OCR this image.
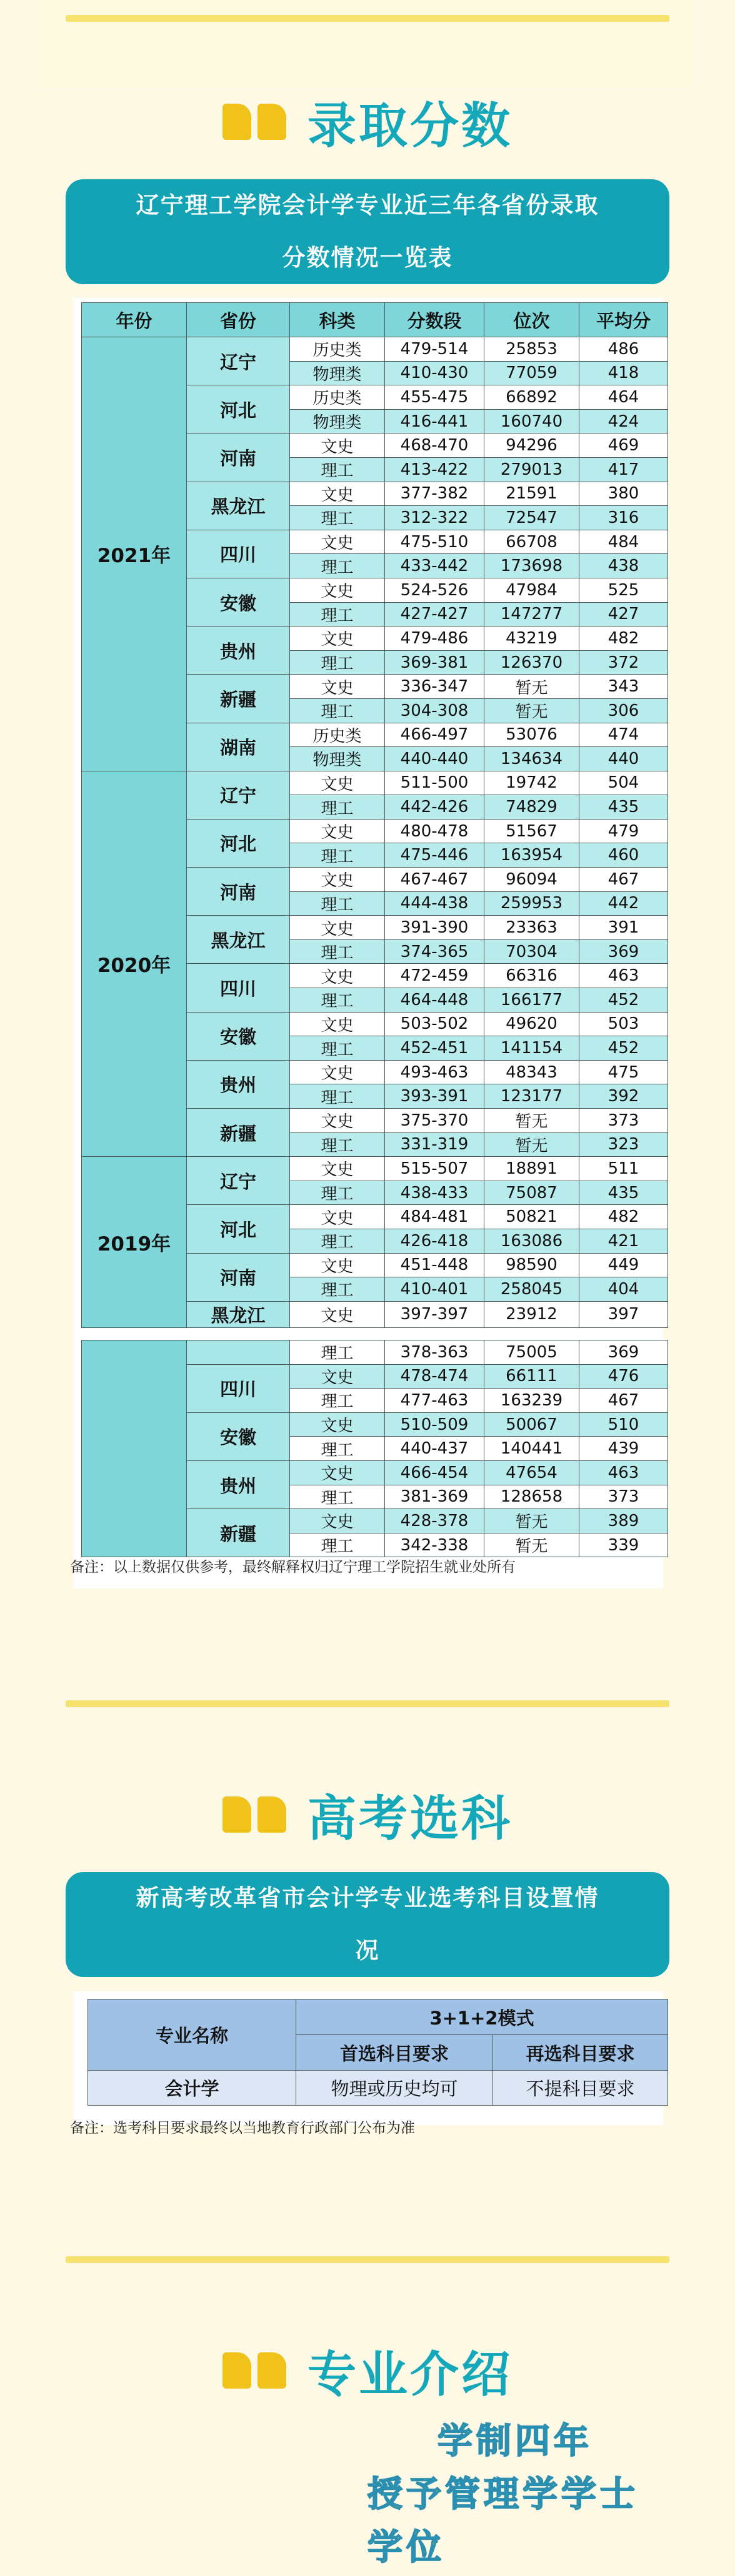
录取分数
辽宁理工学院会计学专业近三年各省份录取
分数情况一览表
年份	省份	科类	分数段	位次	平均分
2021年	辽宁	历史类	479-514	25853	486
		物理类	410-430	77059	418
	河北	历史类	455-475	66892	464
		物理类	416-441	160740	424
	河南	文史	468-470	94296	469
		理工	413-422	279013	417
	黑龙江	文史	377-382	21591	380
		理工	312-322	72547	316
	四川	文史	475-510	66708	484
		理工	433-442	173698	438
	安徽	文史	524-526	47984	525
		理工	427-427	147277	427
	贵州	文史	479-486	43219	482
		理工	369-381	126370	372
	新疆	文史	336-347	暂无	343
		理工	304-308	暂无	306
	湖南	历史类	466-497	53076	474
		物理类	440-440	134634	440
2020年	辽宁	文史	511-500	19742	504
		理工	442-426	74829	435
	河北	文史	480-478	51567	479
		理工	475-446	163954	460
	河南	文史	467-467	96094	467
		理工	444-438	259953	442
	黑龙江	文史	391-390	23363	391
		理工	374-365	70304	369
	四川	文史	472-459	66316	463
		理工	464-448	166177	452
	安徽	文史	503-502	49620	503
		理工	452-451	141154	452
	贵州	文史	493-463	48343	475
		理工	393-391	123177	392
	新疆	文史	375-370	暂无	373
		理工	331-319	暂无	323
2019年	辽宁	文史	515-507	18891	511
		理工	438-433	75087	435
	河北	文史	484-481	50821	482
		理工	426-418	163086	421
	河南	文史	451-448	98590	449
		理工	410-401	258045	404
	黑龙江	文史	397-397	23912	397
		理工	378-363	75005	369
	四川	文史	478-474	66111	476
		理工	477-463	163239	467
	安徽	文史	510-509	50067	510
		理工	440-437	140441	439
	贵州	文史	466-454	47654	463
		理工	381-369	128658	373
	新疆	文史	428-378	暂无	389
		理工	342-338	暂无	339
备注：以上数据仅供参考，最终解释权归辽宁理工学院招生就业处所有
高考选科
新高考改革省市会计学专业选考科目设置情
况
专业名称	3+1+2模式	
	首选科目要求	再选科目要求
会计学	物理或历史均可	不提科目要求
备注：选考科目要求最终以当地教育行政部门公布为准
专业介绍
学制四年
授予管理学学士
学位
